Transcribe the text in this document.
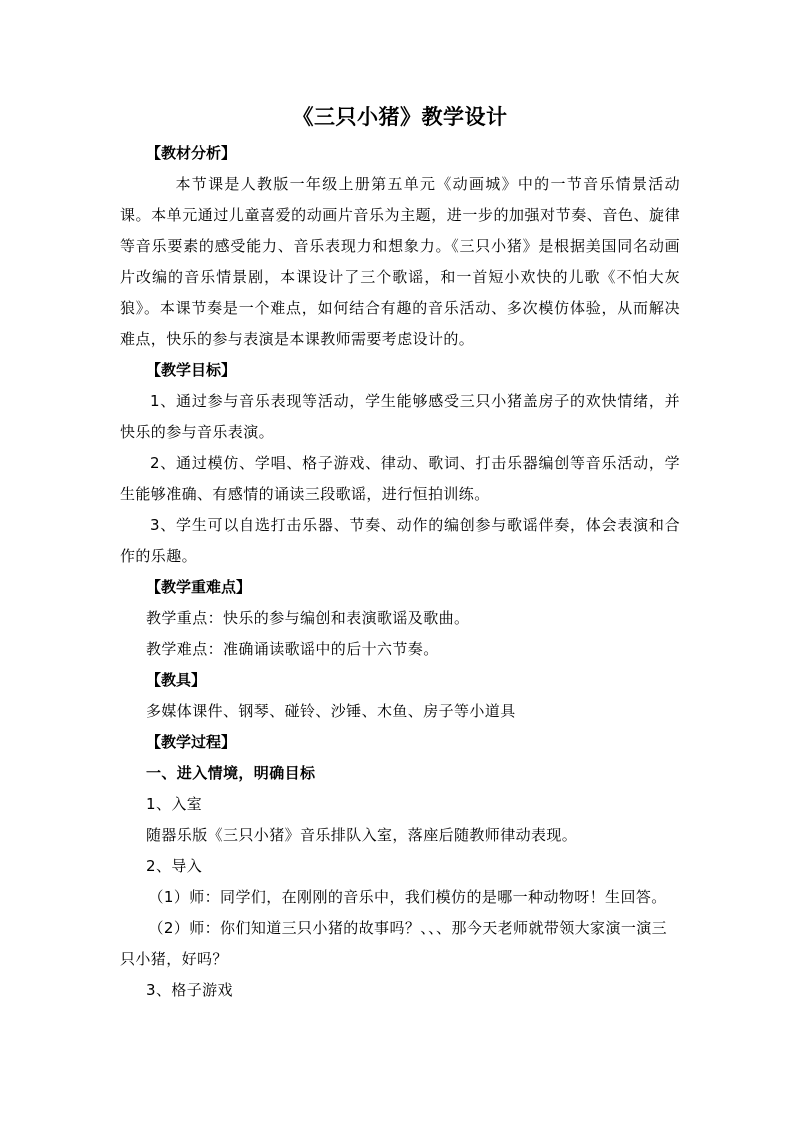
《三只小猪》教学设计

【教材分析】

本节课是人教版一年级上册第五单元《动画城》中的一节音乐情景活动课。本单元通过儿童喜爱的动画片音乐为主题，进一步的加强对节奏、音色、旋律等音乐要素的感受能力、音乐表现力和想象力。《三只小猪》是根据美国同名动画片改编的音乐情景剧，本课设计了三个歌谣，和一首短小欢快的儿歌《不怕大灰狼》。本课节奏是一个难点，如何结合有趣的音乐活动、多次模仿体验，从而解决难点，快乐的参与表演是本课教师需要考虑设计的。

【教学目标】

1、通过参与音乐表现等活动，学生能够感受三只小猪盖房子的欢快情绪，并快乐的参与音乐表演。

2、通过模仿、学唱、格子游戏、律动、歌词、打击乐器编创等音乐活动，学生能够准确、有感情的诵读三段歌谣，进行恒拍训练。

3、学生可以自选打击乐器、节奏、动作的编创参与歌谣伴奏，体会表演和合作的乐趣。

【教学重难点】

教学重点：快乐的参与编创和表演歌谣及歌曲。

教学难点：准确诵读歌谣中的后十六节奏。

【教具】

多媒体课件、钢琴、碰铃、沙锤、木鱼、房子等小道具

【教学过程】

一、进入情境，明确目标

1、入室

随器乐版《三只小猪》音乐排队入室，落座后随教师律动表现。

2、导入

（1）师：同学们，在刚刚的音乐中，我们模仿的是哪一种动物呀！生回答。

（2）师：你们知道三只小猪的故事吗？、、、那今天老师就带领大家演一演三只小猪，好吗？

3、格子游戏
